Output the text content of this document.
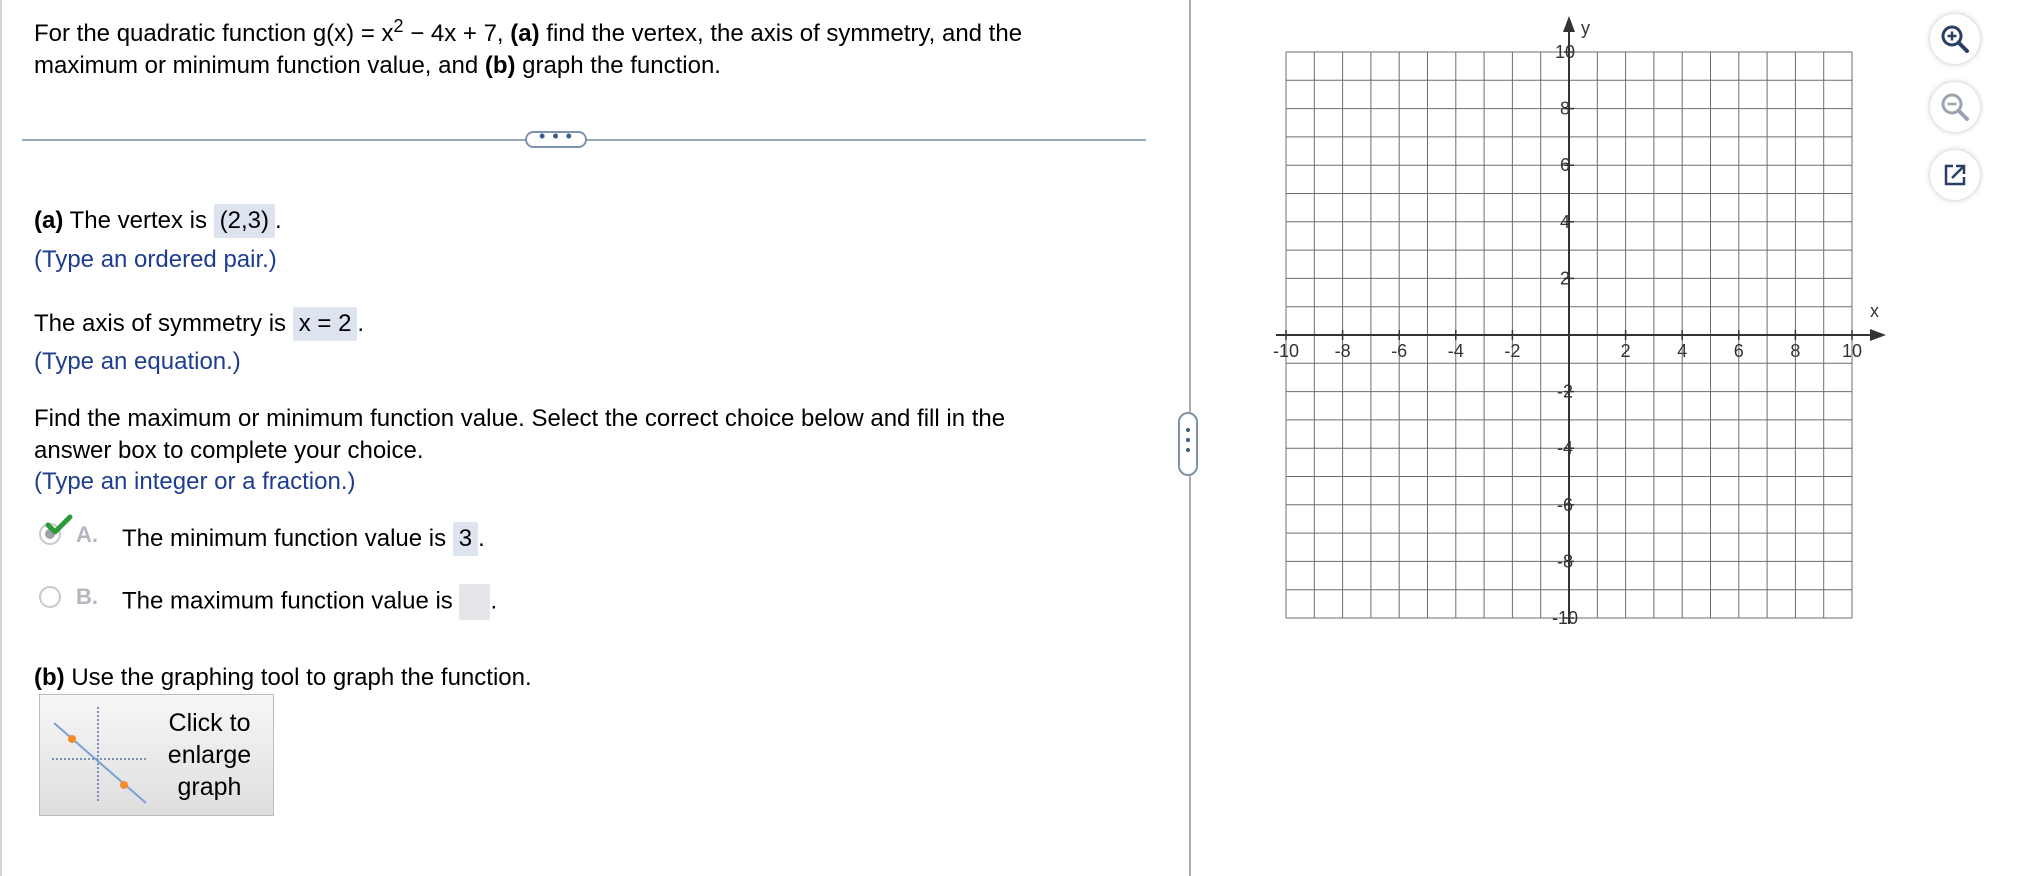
For the quadratic function $g(x) = x^2 - 4x + 7$, (a) find the vertex, the axis of symmetry, and the
maximum or minimum function value, and (b) graph the function.
• • •
(a) The vertex is (2,3) .
(Type an ordered pair.)
The axis of symmetry is x = 2 .
(Type an equation.)
Find the maximum or minimum function value. Select the correct choice below and fill in the
answer box to complete your choice.
(Type an integer or a fraction.)
A. The minimum function value is 3 .
B. The maximum function value is .
(b) Use the graphing tool to graph the function.
Click to enlarge graph
x
y
-10 -8 -6 -4 -2	2	4	6	8 10
10
8
6
4
2
-2
-4
-6
-8
-10
